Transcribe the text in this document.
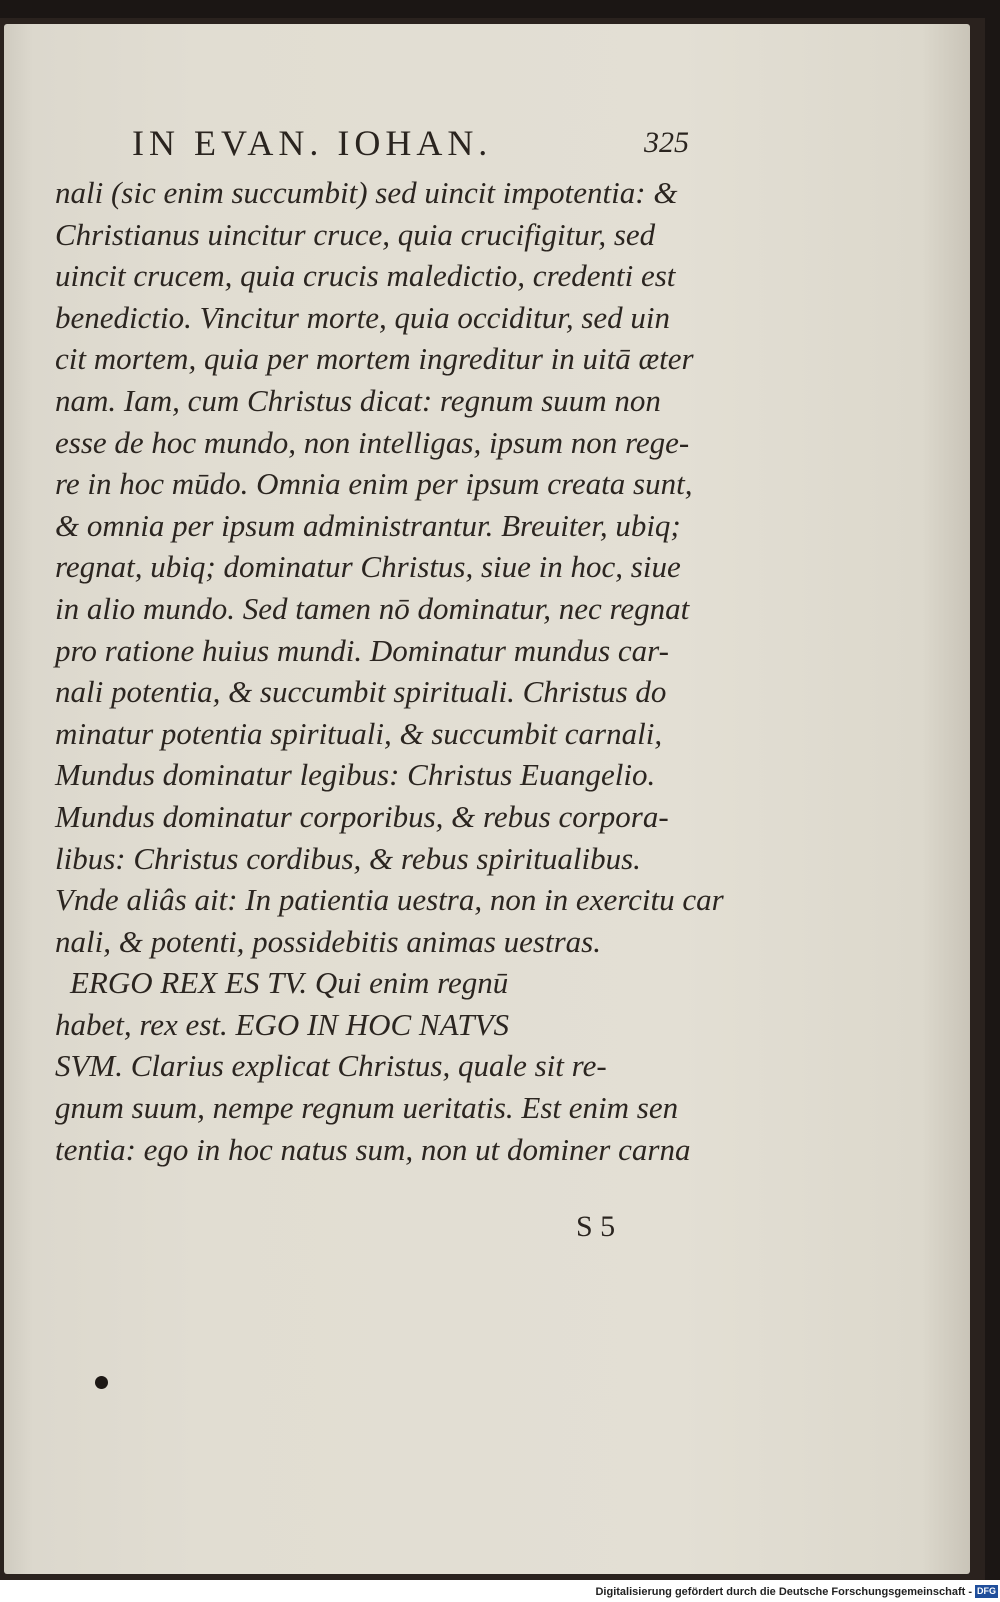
IN EVAN. IOHAN.	325
nali (sic enim succumbit) sed uincit impotentia: &
Christianus uincitur cruce, quia crucifigitur, sed
uincit crucem, quia crucis maledictio, credenti est
benedictio. Vincitur morte, quia occiditur, sed uin
cit mortem, quia per mortem ingreditur in uitā æter
nam. Iam, cum Christus dicat: regnum suum non
esse de hoc mundo, non intelligas, ipsum non rege-
re in hoc mūdo. Omnia enim per ipsum creata sunt,
& omnia per ipsum administrantur. Breuiter, ubiq;
regnat, ubiq; dominatur Christus, siue in hoc, siue
in alio mundo. Sed tamen nō dominatur, nec regnat
pro ratione huius mundi. Dominatur mundus car-
nali potentia, & succumbit spirituali. Christus do
minatur potentia spirituali, & succumbit carnali,
Mundus dominatur legibus: Christus Euangelio.
Mundus dominatur corporibus, & rebus corpora-
libus: Christus cordibus, & rebus spiritualibus.
Vnde aliâs ait: In patientia uestra, non in exercitu car
nali, & potenti, possidebitis animas uestras.
ERGO REX ES TV. Qui enim regnū
habet, rex est. EGO IN HOC NATVS
SVM. Clarius explicat Christus, quale sit re-
gnum suum, nempe regnum ueritatis. Est enim sen
tentia: ego in hoc natus sum, non ut dominer carna
S 5
Digitalisierung gefördert durch die Deutsche Forschungsgemeinschaft - DFG
